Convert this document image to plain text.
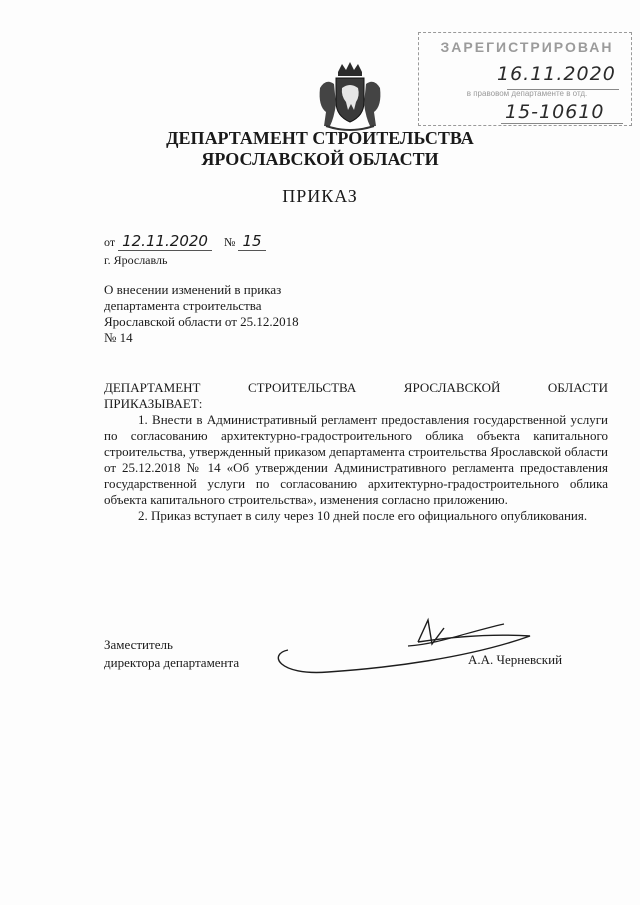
ЗАРЕГИСТРИРОВАН
16.11.2020
в правовом департаменте в отд.
15-10610
ДЕПАРТАМЕНТ СТРОИТЕЛЬСТВА
ЯРОСЛАВСКОЙ ОБЛАСТИ
ПРИКАЗ
от 12.11.2020 № 15
г. Ярославль
О внесении изменений в приказ
департамента строительства
Ярославской области от 25.12.2018
№ 14
ДЕПАРТАМЕНТ СТРОИТЕЛЬСТВА ЯРОСЛАВСКОЙ ОБЛАСТИ
ПРИКАЗЫВАЕТ:

1. Внести в Административный регламент предоставления государственной услуги по согласованию архитектурно-градостроительного облика объекта капитального строительства, утвержденный приказом департамента строительства Ярославской области от 25.12.2018 № 14 «Об утверждении Административного регламента предоставления государственной услуги по согласованию архитектурно-градостроительного облика объекта капитального строительства», изменения согласно приложению.

2. Приказ вступает в силу через 10 дней после его официального опубликования.

Заместитель
директора департамента	А.А. Черневский
